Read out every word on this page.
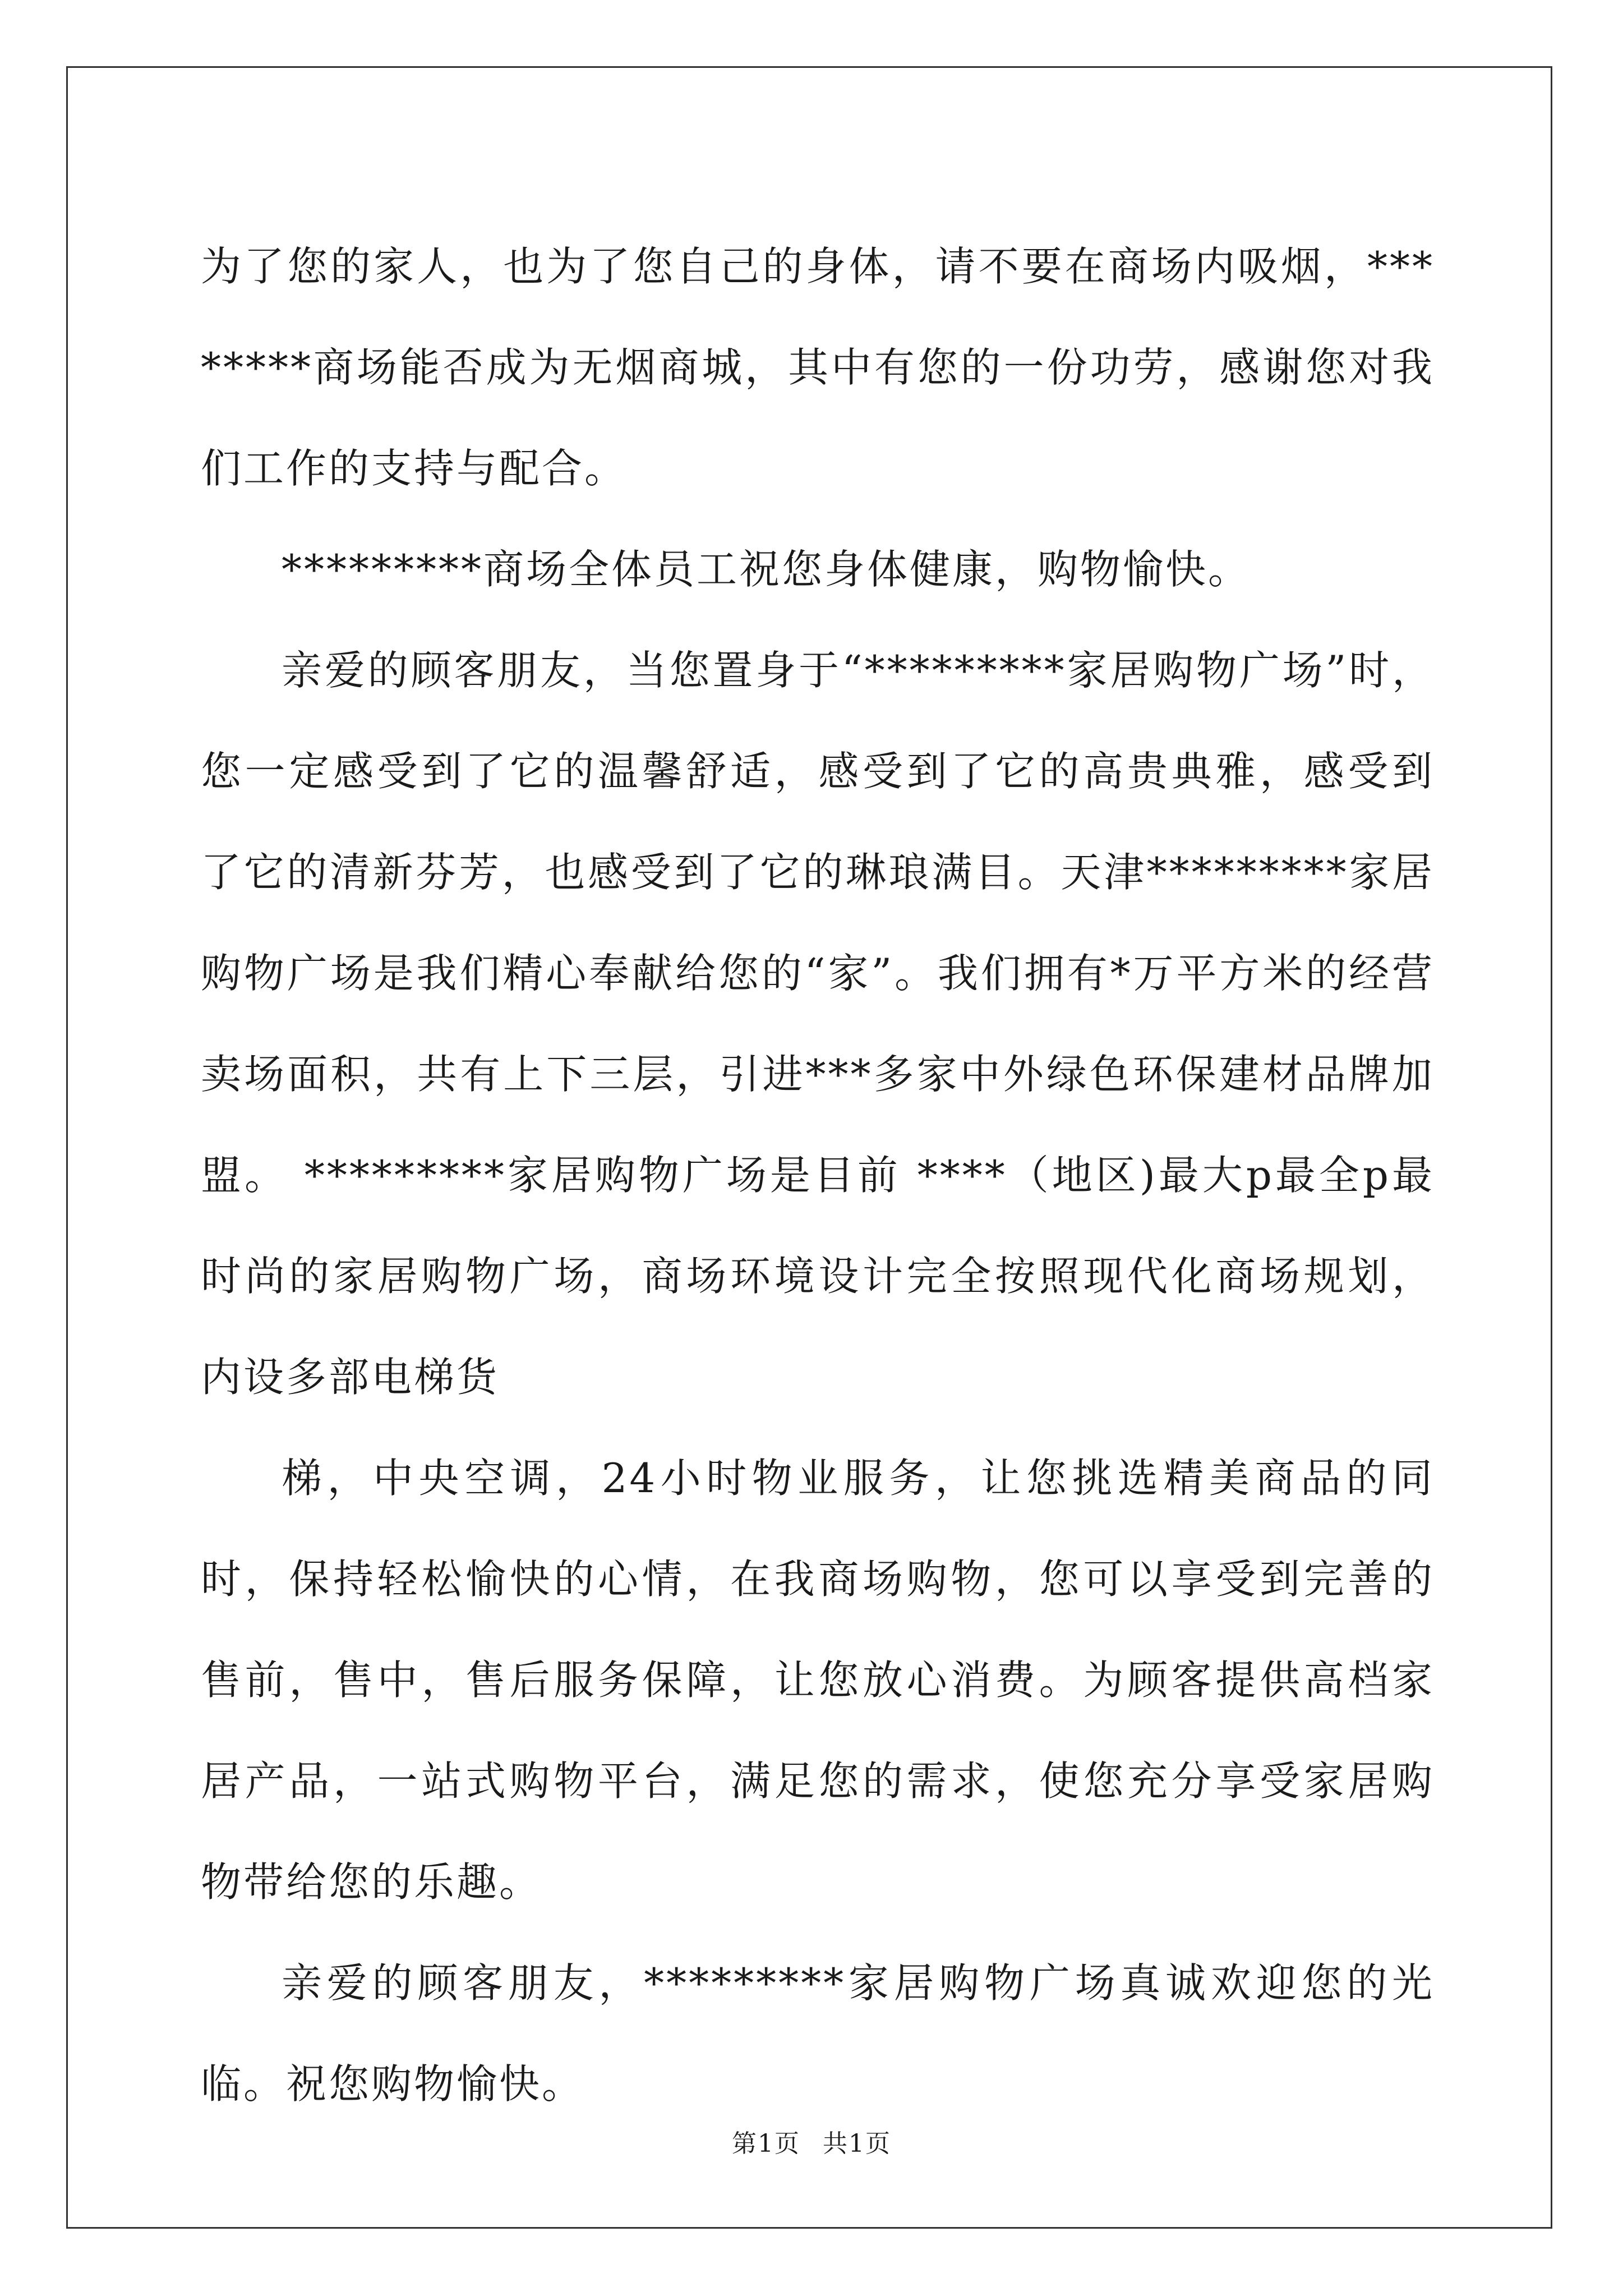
为了您的家人，也为了您自己的身体，请不要在商场内吸烟，********商场能否成为无烟商城，其中有您的一份功劳，感谢您对我们工作的支持与配合。

*********商场全体员工祝您身体健康，购物愉快。

亲爱的顾客朋友，当您置身于“*********家居购物广场”时，您一定感受到了它的温馨舒适，感受到了它的高贵典雅，感受到了它的清新芬芳，也感受到了它的琳琅满目。天津*********家居购物广场是我们精心奉献给您的“家”。我们拥有*万平方米的经营卖场面积，共有上下三层，引进***多家中外绿色环保建材品牌加盟。 *********家居购物广场是目前 ****（地区)最大p最全p最时尚的家居购物广场，商场环境设计完全按照现代化商场规划，内设多部电梯货

梯，中央空调，24小时物业服务，让您挑选精美商品的同时，保持轻松愉快的心情，在我商场购物，您可以享受到完善的售前，售中，售后服务保障，让您放心消费。为顾客提供高档家居产品，一站式购物平台，满足您的需求，使您充分享受家居购物带给您的乐趣。

亲爱的顾客朋友，*********家居购物广场真诚欢迎您的光临。祝您购物愉快。

第1页 共1页
